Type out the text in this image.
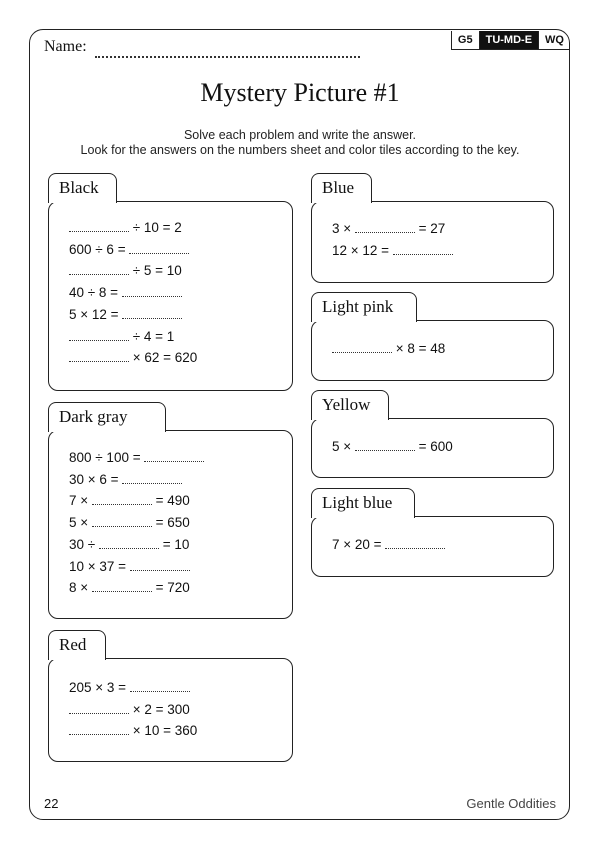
G5	TU-MD-E	WQ
Name:
Mystery Picture #1
Solve each problem and write the answer.
Look for the answers on the numbers sheet and color tiles according to the key.
Black
÷ 10 = 2
600 ÷ 6 =
÷ 5 = 10
40 ÷ 8 =
5 × 12 =
÷ 4 = 1
× 62 = 620
Dark gray
800 ÷ 100 =
30 × 6 =
7 ×	= 490
5 ×	= 650
30 ÷	= 10
10 × 37 =
8 ×	= 720
Red
205 × 3 =
× 2 = 300
× 10 = 360
Blue
3 ×	= 27
12 × 12 =
Light pink
× 8 = 48
Yellow
5 ×	= 600
Light blue
7 × 20 =
22	Gentle Oddities
